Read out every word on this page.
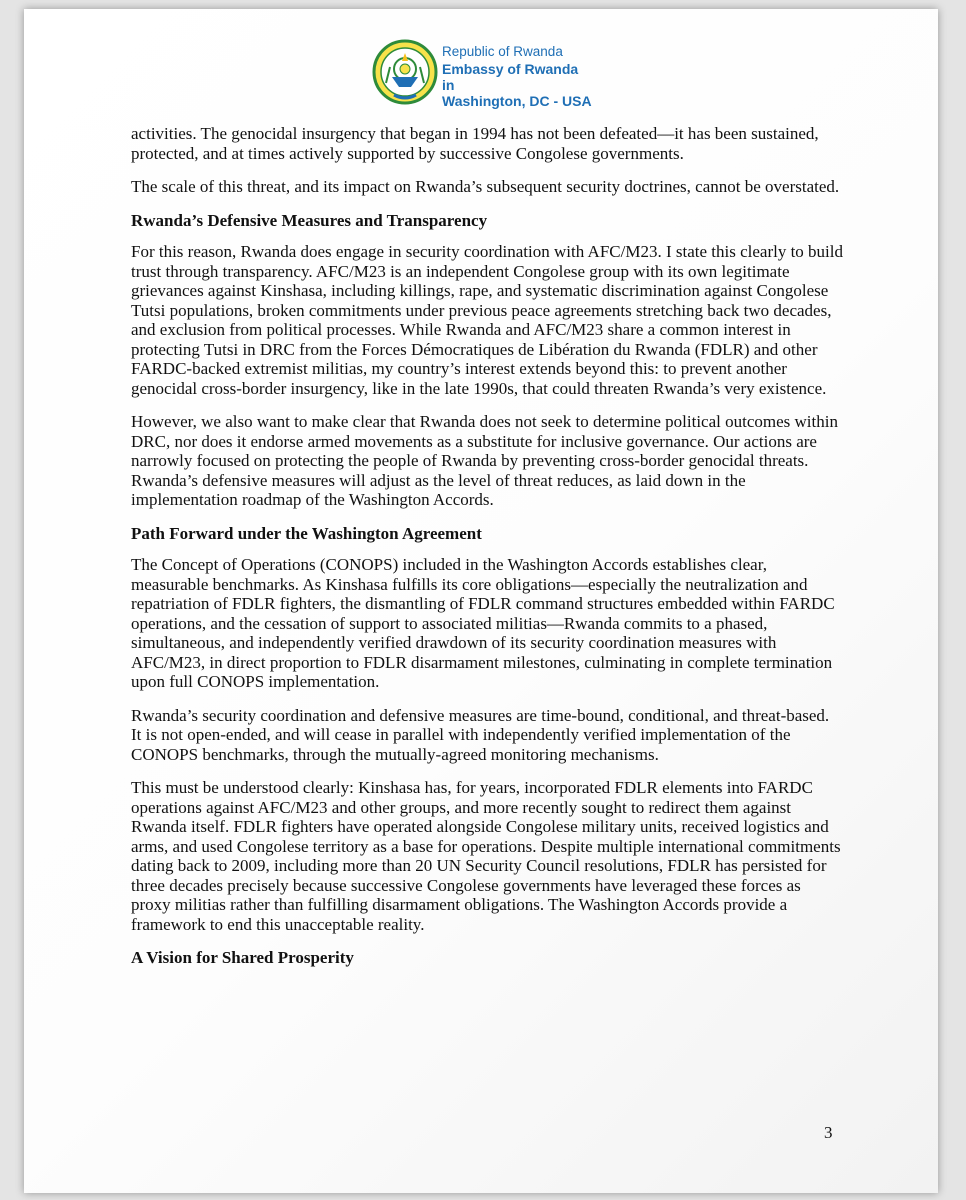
Republic of Rwanda
Embassy of Rwanda in
Washington, DC - USA

activities. The genocidal insurgency that began in 1994 has not been defeated—it has been sustained, protected, and at times actively supported by successive Congolese governments.

The scale of this threat, and its impact on Rwanda’s subsequent security doctrines, cannot be overstated.

Rwanda’s Defensive Measures and Transparency

For this reason, Rwanda does engage in security coordination with AFC/M23. I state this clearly to build trust through transparency. AFC/M23 is an independent Congolese group with its own legitimate grievances against Kinshasa, including killings, rape, and systematic discrimination against Congolese Tutsi populations, broken commitments under previous peace agreements stretching back two decades, and exclusion from political processes. While Rwanda and AFC/M23 share a common interest in protecting Tutsi in DRC from the Forces Démocratiques de Libération du Rwanda (FDLR) and other FARDC-backed extremist militias, my country’s interest extends beyond this: to prevent another genocidal cross-border insurgency, like in the late 1990s, that could threaten Rwanda’s very existence.

However, we also want to make clear that Rwanda does not seek to determine political outcomes within DRC, nor does it endorse armed movements as a substitute for inclusive governance. Our actions are narrowly focused on protecting the people of Rwanda by preventing cross-border genocidal threats. Rwanda’s defensive measures will adjust as the level of threat reduces, as laid down in the implementation roadmap of the Washington Accords.

Path Forward under the Washington Agreement

The Concept of Operations (CONOPS) included in the Washington Accords establishes clear, measurable benchmarks. As Kinshasa fulfills its core obligations—especially the neutralization and repatriation of FDLR fighters, the dismantling of FDLR command structures embedded within FARDC operations, and the cessation of support to associated militias—Rwanda commits to a phased, simultaneous, and independently verified drawdown of its security coordination measures with AFC/M23, in direct proportion to FDLR disarmament milestones, culminating in complete termination upon full CONOPS implementation.

Rwanda’s security coordination and defensive measures are time-bound, conditional, and threat-based. It is not open-ended, and will cease in parallel with independently verified implementation of the CONOPS benchmarks, through the mutually-agreed monitoring mechanisms.

This must be understood clearly: Kinshasa has, for years, incorporated FDLR elements into FARDC operations against AFC/M23 and other groups, and more recently sought to redirect them against Rwanda itself. FDLR fighters have operated alongside Congolese military units, received logistics and arms, and used Congolese territory as a base for operations. Despite multiple international commitments dating back to 2009, including more than 20 UN Security Council resolutions, FDLR has persisted for three decades precisely because successive Congolese governments have leveraged these forces as proxy militias rather than fulfilling disarmament obligations. The Washington Accords provide a framework to end this unacceptable reality.

A Vision for Shared Prosperity
3
